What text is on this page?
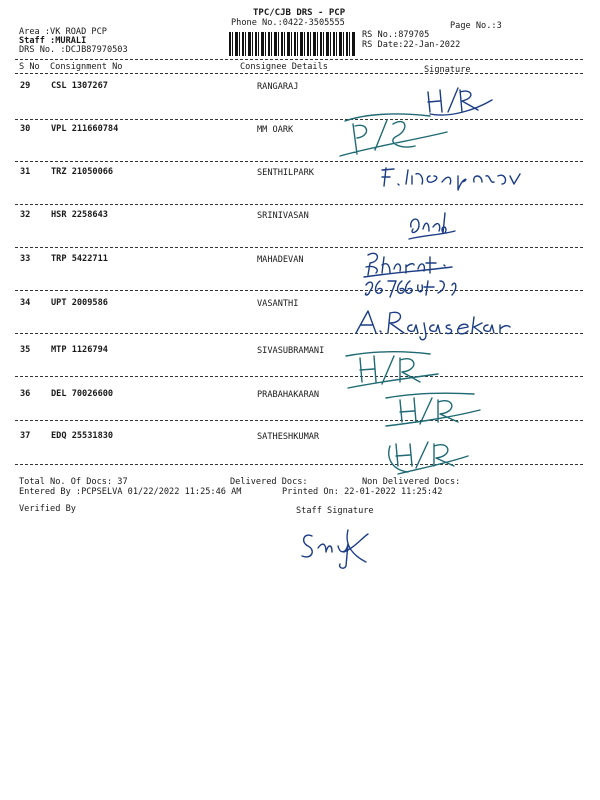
TPC/CJB DRS - PCP
Phone No.:0422-3505555
Area :VK ROAD PCP
Staff :MURALI
DRS No. :DCJB87970503
RS No.:879705
RS Date:22-Jan-2022
Page No.:3
S No Consignment No	Consignee Details	Signature
29 CSL 1307267	RANGARAJ
30 VPL 211660784	MM OARK
31 TRZ 21050066	SENTHILPARK
32 HSR 2258643	SRINIVASAN
33 TRP 5422711	MAHADEVAN
34 UPT 2009586	VASANTHI
35 MTP 1126794	SIVASUBRAMANI
36 DEL 70026600	PRABAHAKARAN
37 EDQ 25531830	SATHESHKUMAR
Total No. Of Docs: 37	Delivered Docs:	Non Delivered Docs:
Entered By :PCPSELVA 01/22/2022 11:25:46 AM	Printed On: 22-01-2022 11:25:42
Verified By	Staff Signature
